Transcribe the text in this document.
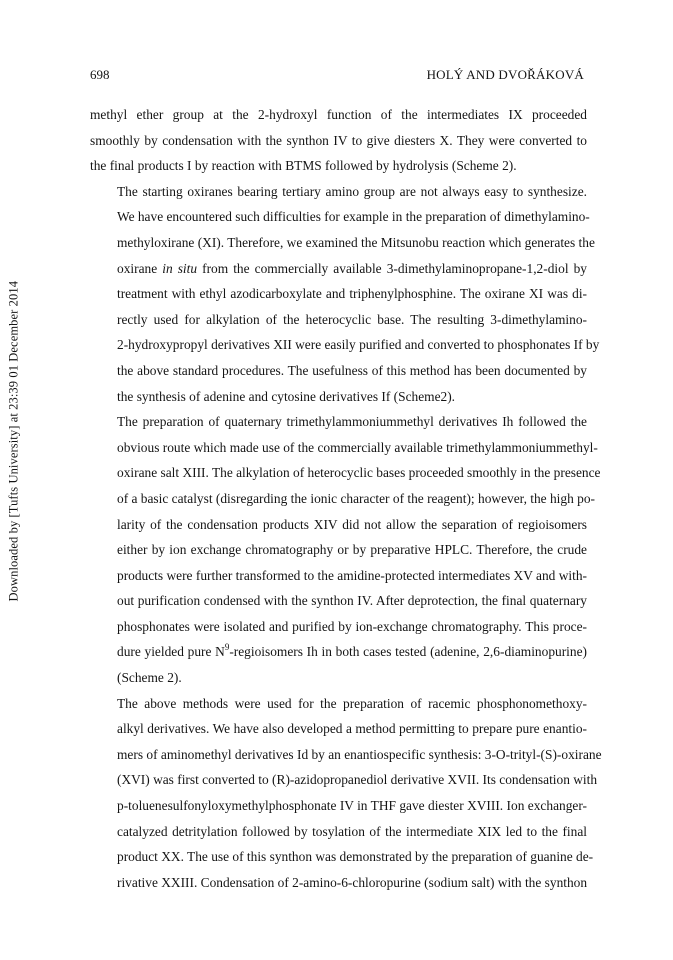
Downloaded by [Tufts University] at 23:39 01 December 2014
698	HOLÝ AND DVOŘÁKOVÁ
methyl ether group at the 2-hydroxyl function of the intermediates IX proceeded
smoothly by condensation with the synthon IV to give diesters X. They were converted to
the final products I by reaction with BTMS followed by hydrolysis (Scheme 2).
The starting oxiranes bearing tertiary amino group are not always easy to synthesize.
We have encountered such difficulties for example in the preparation of dimethylamino-
methyloxirane (XI). Therefore, we examined the Mitsunobu reaction which generates the
oxirane in situ from the commercially available 3-dimethylaminopropane-1,2-diol by
treatment with ethyl azodicarboxylate and triphenylphosphine. The oxirane XI was di-
rectly used for alkylation of the heterocyclic base. The resulting 3-dimethylamino-
2-hydroxypropyl derivatives XII were easily purified and converted to phosphonates If by
the above standard procedures. The usefulness of this method has been documented by
the synthesis of adenine and cytosine derivatives If (Scheme2).
The preparation of quaternary trimethylammoniummethyl derivatives Ih followed the
obvious route which made use of the commercially available trimethylammoniummethyl-
oxirane salt XIII. The alkylation of heterocyclic bases proceeded smoothly in the presence
of a basic catalyst (disregarding the ionic character of the reagent); however, the high po-
larity of the condensation products XIV did not allow the separation of regioisomers
either by ion exchange chromatography or by preparative HPLC. Therefore, the crude
products were further transformed to the amidine-protected intermediates XV and with-
out purification condensed with the synthon IV. After deprotection, the final quaternary
phosphonates were isolated and purified by ion-exchange chromatography. This proce-
dure yielded pure $N^9$-regioisomers Ih in both cases tested (adenine, 2,6-diaminopurine)
(Scheme 2).
The above methods were used for the preparation of racemic phosphonomethoxy-
alkyl derivatives. We have also developed a method permitting to prepare pure enantio-
mers of aminomethyl derivatives Id by an enantiospecific synthesis: 3-O-trityl-(S)-oxirane
(XVI) was first converted to (R)-azidopropanediol derivative XVII. Its condensation with
p-toluenesulfonyloxymethylphosphonate IV in THF gave diester XVIII. Ion exchanger-
catalyzed detritylation followed by tosylation of the intermediate XIX led to the final
product XX. The use of this synthon was demonstrated by the preparation of guanine de-
rivative XXIII. Condensation of 2-amino-6-chloropurine (sodium salt) with the synthon
